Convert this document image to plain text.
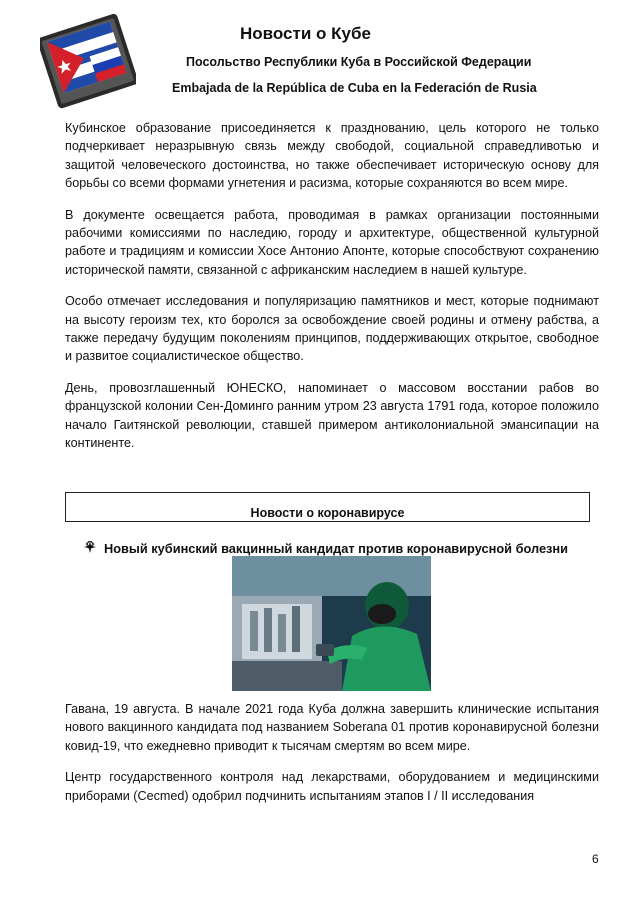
Новости о Кубе
Посольство Республики Куба в Российской Федерации
Embajada de la República de Cuba en la Federación de Rusia

Кубинское образование присоединяется к празднованию, цель которого не только подчеркивает неразрывную связь между свободой, социальной справедливотью и защитой человеческого достоинства, но также обеспечивает историческую основу для борьбы со всеми формами угнетения и расизма, которые сохраняются во всем мире.

В документе освещается работа, проводимая в рамках организации постоянными рабочими комиссиями по наследию, городу и архитектуре, общественной культурной работе и традициям и комиссии Хосе Антонио Апонте, которые способствуют сохранению исторической памяти, связанной с африканским наследием в нашей культуре.

Особо отмечает исследования и популяризацию памятников и мест, которые поднимают на высоту героизм тех, кто боролся за освобождение своей родины и отмену рабства, а также передачу будущим поколениям принципов, поддерживающих открытое, свободное и развитое социалистическое общество.

День, провозглашенный ЮНЕСКО, напоминает о массовом восстании рабов во французской колонии Сен-Доминго ранним утром 23 августа 1791 года, которое положило начало Гаитянской революции, ставшей примером антиколониальной эмансипации на континенте.

Новости о коронавирусе
Новый кубинский вакцинный кандидат против коронавирусной болезни

Гавана, 19 августа. В начале 2021 года Куба должна завершить клинические испытания нового вакцинного кандидата под названием Soberana 01 против коронавирусной болезни ковид-19, что ежедневно приводит к тысячам смертям во всем мире.

Центр государственного контроля над лекарствами, оборудованием и медицинскими приборами (Cecmed) одобрил подчинить испытаниям этапов I / II исследования

6
